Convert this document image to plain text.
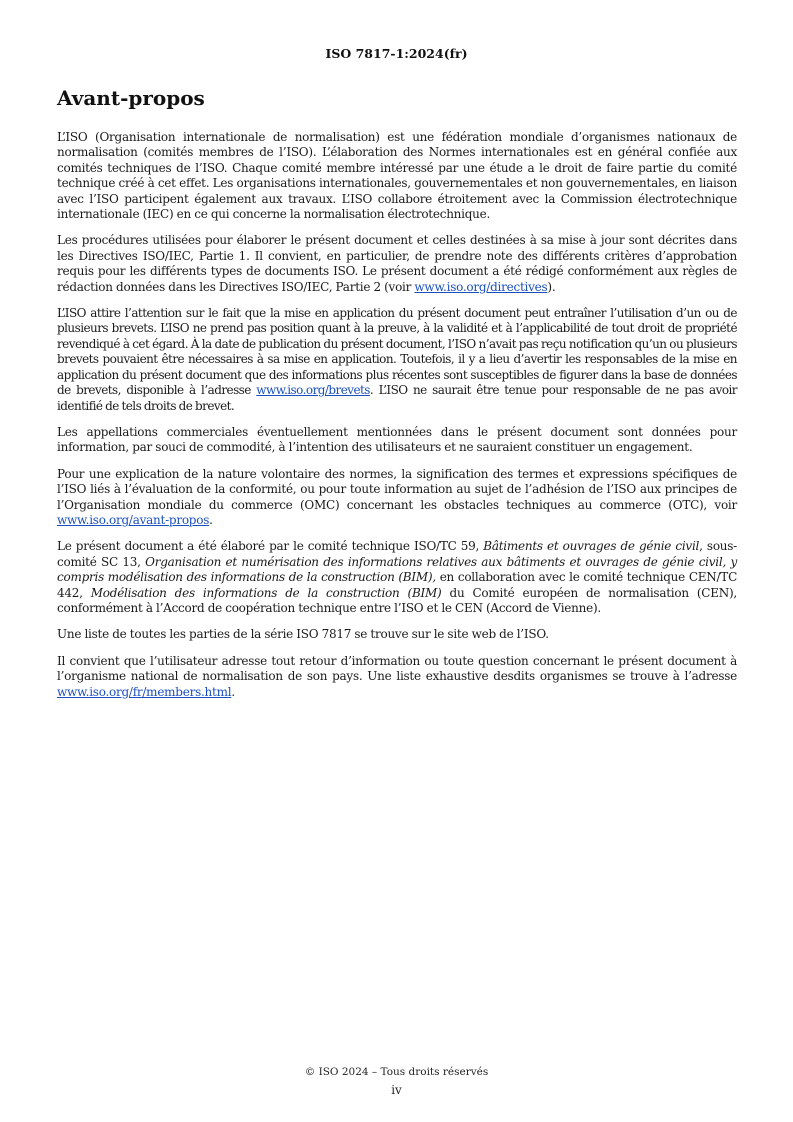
ISO 7817-1:2024(fr)
Avant-propos

L’ISO (Organisation internationale de normalisation) est une fédération mondiale d’organismes nationaux de normalisation (comités membres de l’ISO). L’élaboration des Normes internationales est en général confiée aux comités techniques de l’ISO. Chaque comité membre intéressé par une étude a le droit de faire partie du comité technique créé à cet effet. Les organisations internationales, gouvernementales et non gouvernementales, en liaison avec l’ISO participent également aux travaux. L’ISO collabore étroitement avec la Commission électrotechnique internationale (IEC) en ce qui concerne la normalisation électrotechnique.

Les procédures utilisées pour élaborer le présent document et celles destinées à sa mise à jour sont décrites dans les Directives ISO/IEC, Partie 1. Il convient, en particulier, de prendre note des différents critères d’approbation requis pour les différents types de documents ISO. Le présent document a été rédigé conformément aux règles de rédaction données dans les Directives ISO/IEC, Partie 2 (voir www.iso.org/directives).

L’ISO attire l’attention sur le fait que la mise en application du présent document peut entraîner l’utilisation d’un ou de plusieurs brevets. L’ISO ne prend pas position quant à la preuve, à la validité et à l’applicabilité de tout droit de propriété revendiqué à cet égard. À la date de publication du présent document, l’ISO n’avait pas reçu notification qu’un ou plusieurs brevets pouvaient être nécessaires à sa mise en application. Toutefois, il y a lieu d’avertir les responsables de la mise en application du présent document que des informations plus récentes sont susceptibles de figurer dans la base de données de brevets, disponible à l’adresse www.iso.org/brevets. L’ISO ne saurait être tenue pour responsable de ne pas avoir identifié de tels droits de brevet.

Les appellations commerciales éventuellement mentionnées dans le présent document sont données pour information, par souci de commodité, à l’intention des utilisateurs et ne sauraient constituer un engagement.

Pour une explication de la nature volontaire des normes, la signification des termes et expressions spécifiques de l’ISO liés à l’évaluation de la conformité, ou pour toute information au sujet de l’adhésion de l’ISO aux principes de l’Organisation mondiale du commerce (OMC) concernant les obstacles techniques au commerce (OTC), voir www.iso.org/avant-propos.

Le présent document a été élaboré par le comité technique ISO/TC 59, Bâtiments et ouvrages de génie civil, sous-comité SC 13, Organisation et numérisation des informations relatives aux bâtiments et ouvrages de génie civil, y compris modélisation des informations de la construction (BIM), en collaboration avec le comité technique CEN/TC 442, Modélisation des informations de la construction (BIM) du Comité européen de normalisation (CEN), conformément à l’Accord de coopération technique entre l’ISO et le CEN (Accord de Vienne).

Une liste de toutes les parties de la série ISO 7817 se trouve sur le site web de l’ISO.

Il convient que l’utilisateur adresse tout retour d’information ou toute question concernant le présent document à l’organisme national de normalisation de son pays. Une liste exhaustive desdits organismes se trouve à l’adresse www.iso.org/fr/members.html.

© ISO 2024 – Tous droits réservés
iv
